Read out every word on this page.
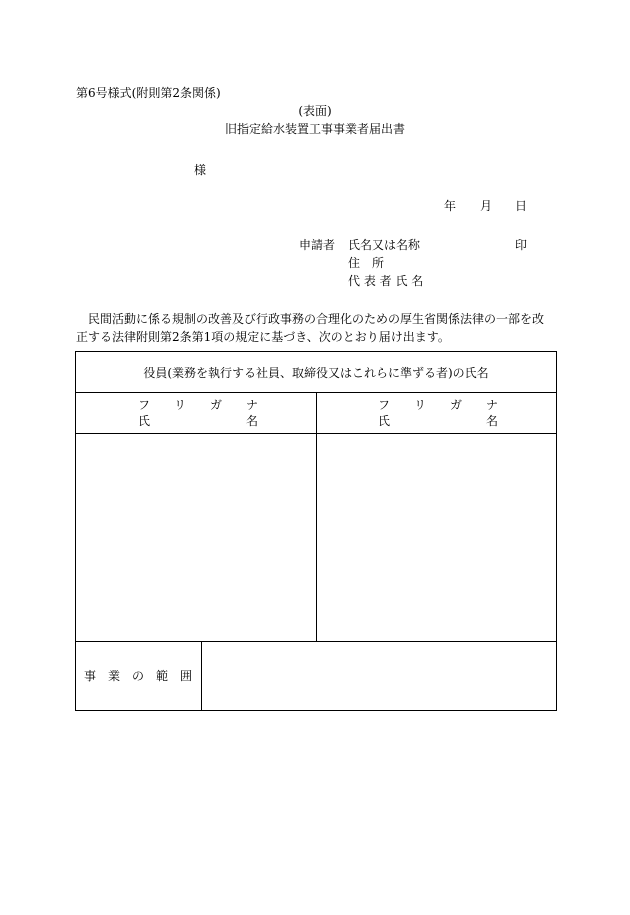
第6号様式(附則第2条関係)
(表面)
旧指定給水装置工事事業者届出書
様
年 月 日
申請者 氏名又は名称	印
住　所
代 表 者 氏 名
民間活動に係る規制の改善及び行政事務の合理化のための厚生省関係法律の一部を改
正する法律附則第2条第1項の規定に基づき、次のとおり届け出ます。
役員(業務を執行する社員、取締役又はこれらに準ずる者)の氏名
フ リ ガ ナ
氏	名
フ リ ガ ナ
氏	名
事 業 の 範 囲
